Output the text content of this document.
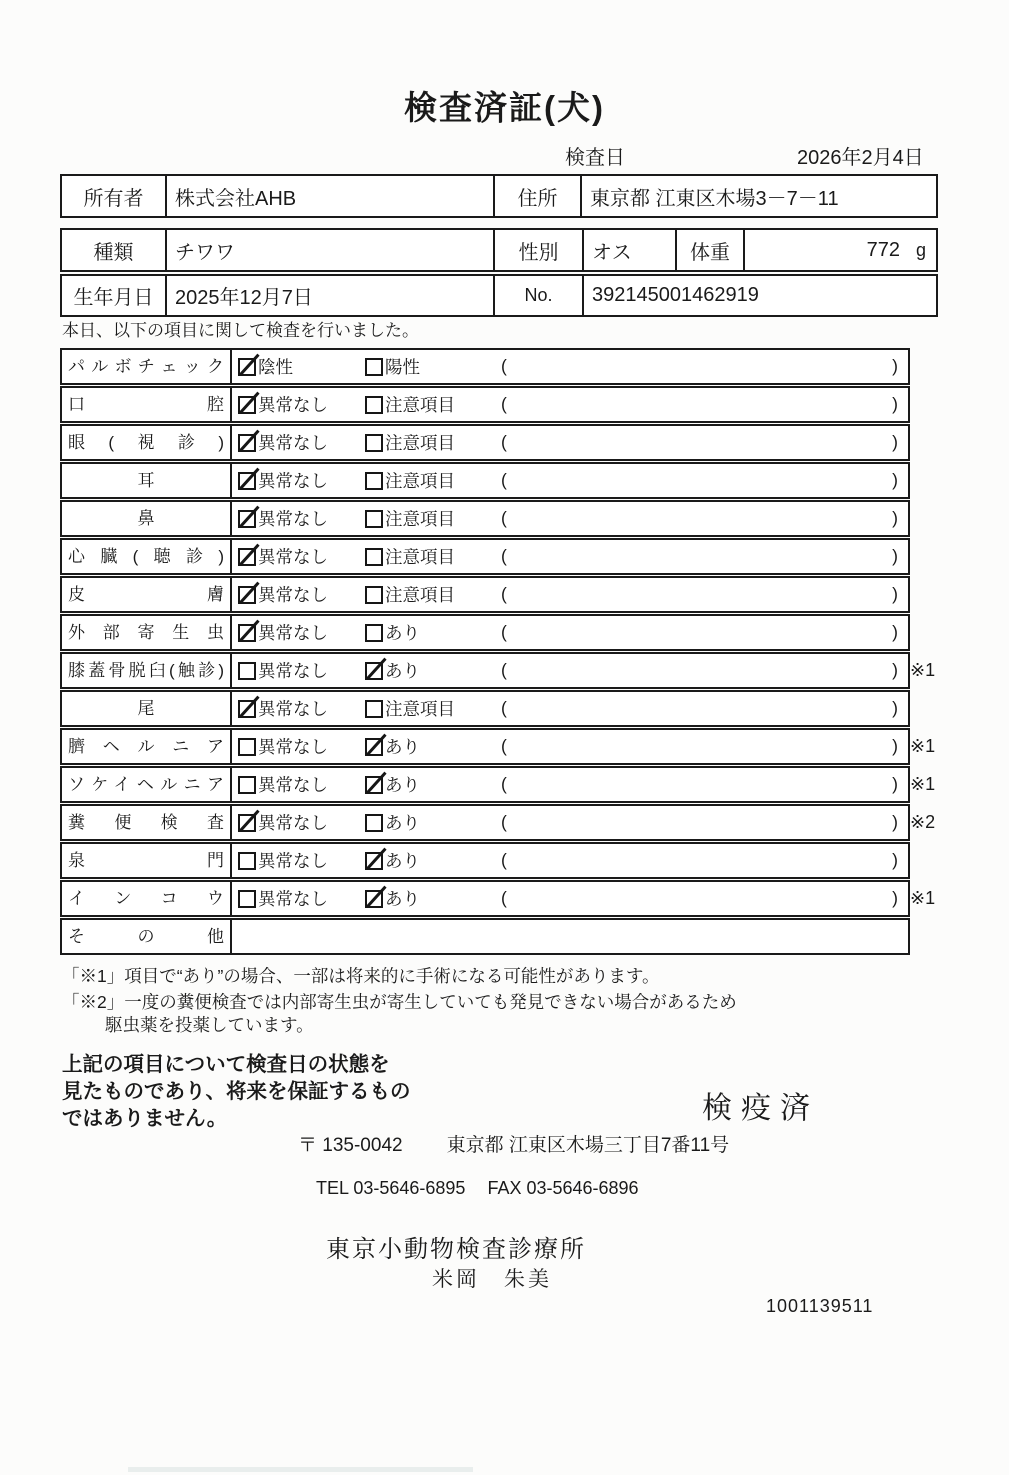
検査済証(犬)
検査日	2026年2月4日
所有者	株式会社AHB	住所	東京都 江東区木場3－7－11
種類	チワワ	性別	オス	体重	772 g
生年月日	2025年12月7日	No.	392145001462919
本日、以下の項目に関して検査を行いました。
パルボチェック 陰性	陽性	(	)
口腔 異常なし	注意項目	(	)
眼(視診) 異常なし	注意項目	(	)
耳	異常なし	注意項目	(	)
鼻	異常なし	注意項目	(	)
心臓(聴診) 異常なし	注意項目	(	)
皮膚 異常なし	注意項目	(	)
外部寄生虫 異常なし	あり	(	)
膝蓋骨脱臼(触診) 異常なし	あり	(	) ※1
尾	異常なし	注意項目	(	)
臍ヘルニア 異常なし	あり	(	) ※1
ソケイヘルニア 異常なし	あり	(	) ※1
糞便検査 異常なし	あり	(	) ※2
泉門 異常なし	あり	(	)
インコウ 異常なし	あり	(	) ※1
その他
「※1」項目で“あり”の場合、一部は将来的に手術になる可能性があります。
「※2」一度の糞便検査では内部寄生虫が寄生していても発見できない場合があるため
駆虫薬を投薬しています。
上記の項目について検査日の状態を
見たものであり、将来を保証するもの
ではありません。	検疫済
〒 135-0042 東京都 江東区木場三丁目7番11号
TEL 03-5646-6895 FAX 03-5646-6896
東京小動物検査診療所
米岡　朱美
1001139511
